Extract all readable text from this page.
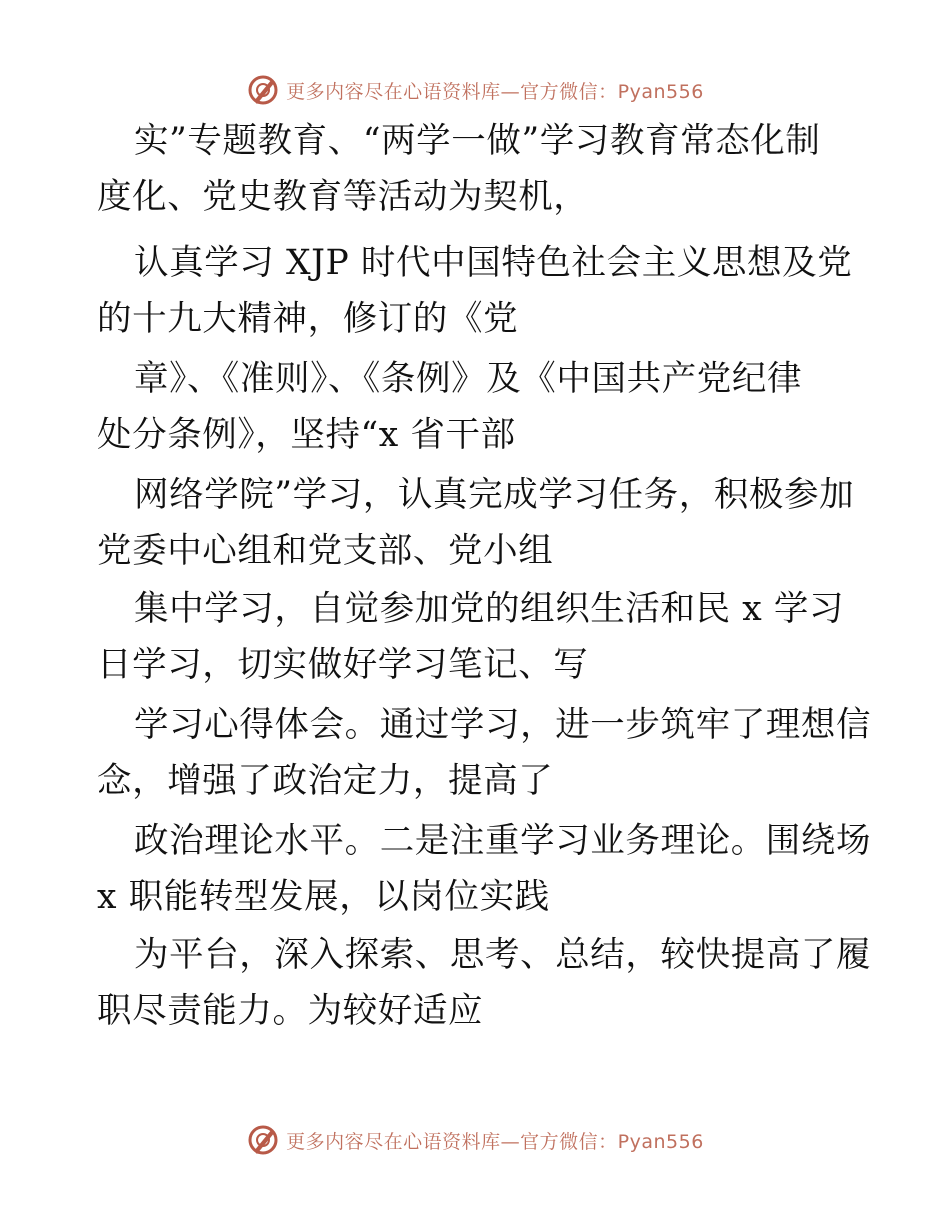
更多内容尽在心语资料库—官方微信：Pyan556
实”专题教育、“两学一做”学习教育常态化制
度化、党史教育等活动为契机，
认真学习 XJP 时代中国特色社会主义思想及党
的十九大精神，修订的《党
章》、《准则》、《条例》及《中国共产党纪律
处分条例》，坚持“x 省干部
网络学院”学习，认真完成学习任务，积极参加
党委中心组和党支部、党小组
集中学习，自觉参加党的组织生活和民 x 学习
日学习，切实做好学习笔记、写
学习心得体会。通过学习，进一步筑牢了理想信
念，增强了政治定力，提高了
政治理论水平。二是注重学习业务理论。围绕场
x 职能转型发展，以岗位实践
为平台，深入探索、思考、总结，较快提高了履
职尽责能力。为较好适应
更多内容尽在心语资料库—官方微信：Pyan556
